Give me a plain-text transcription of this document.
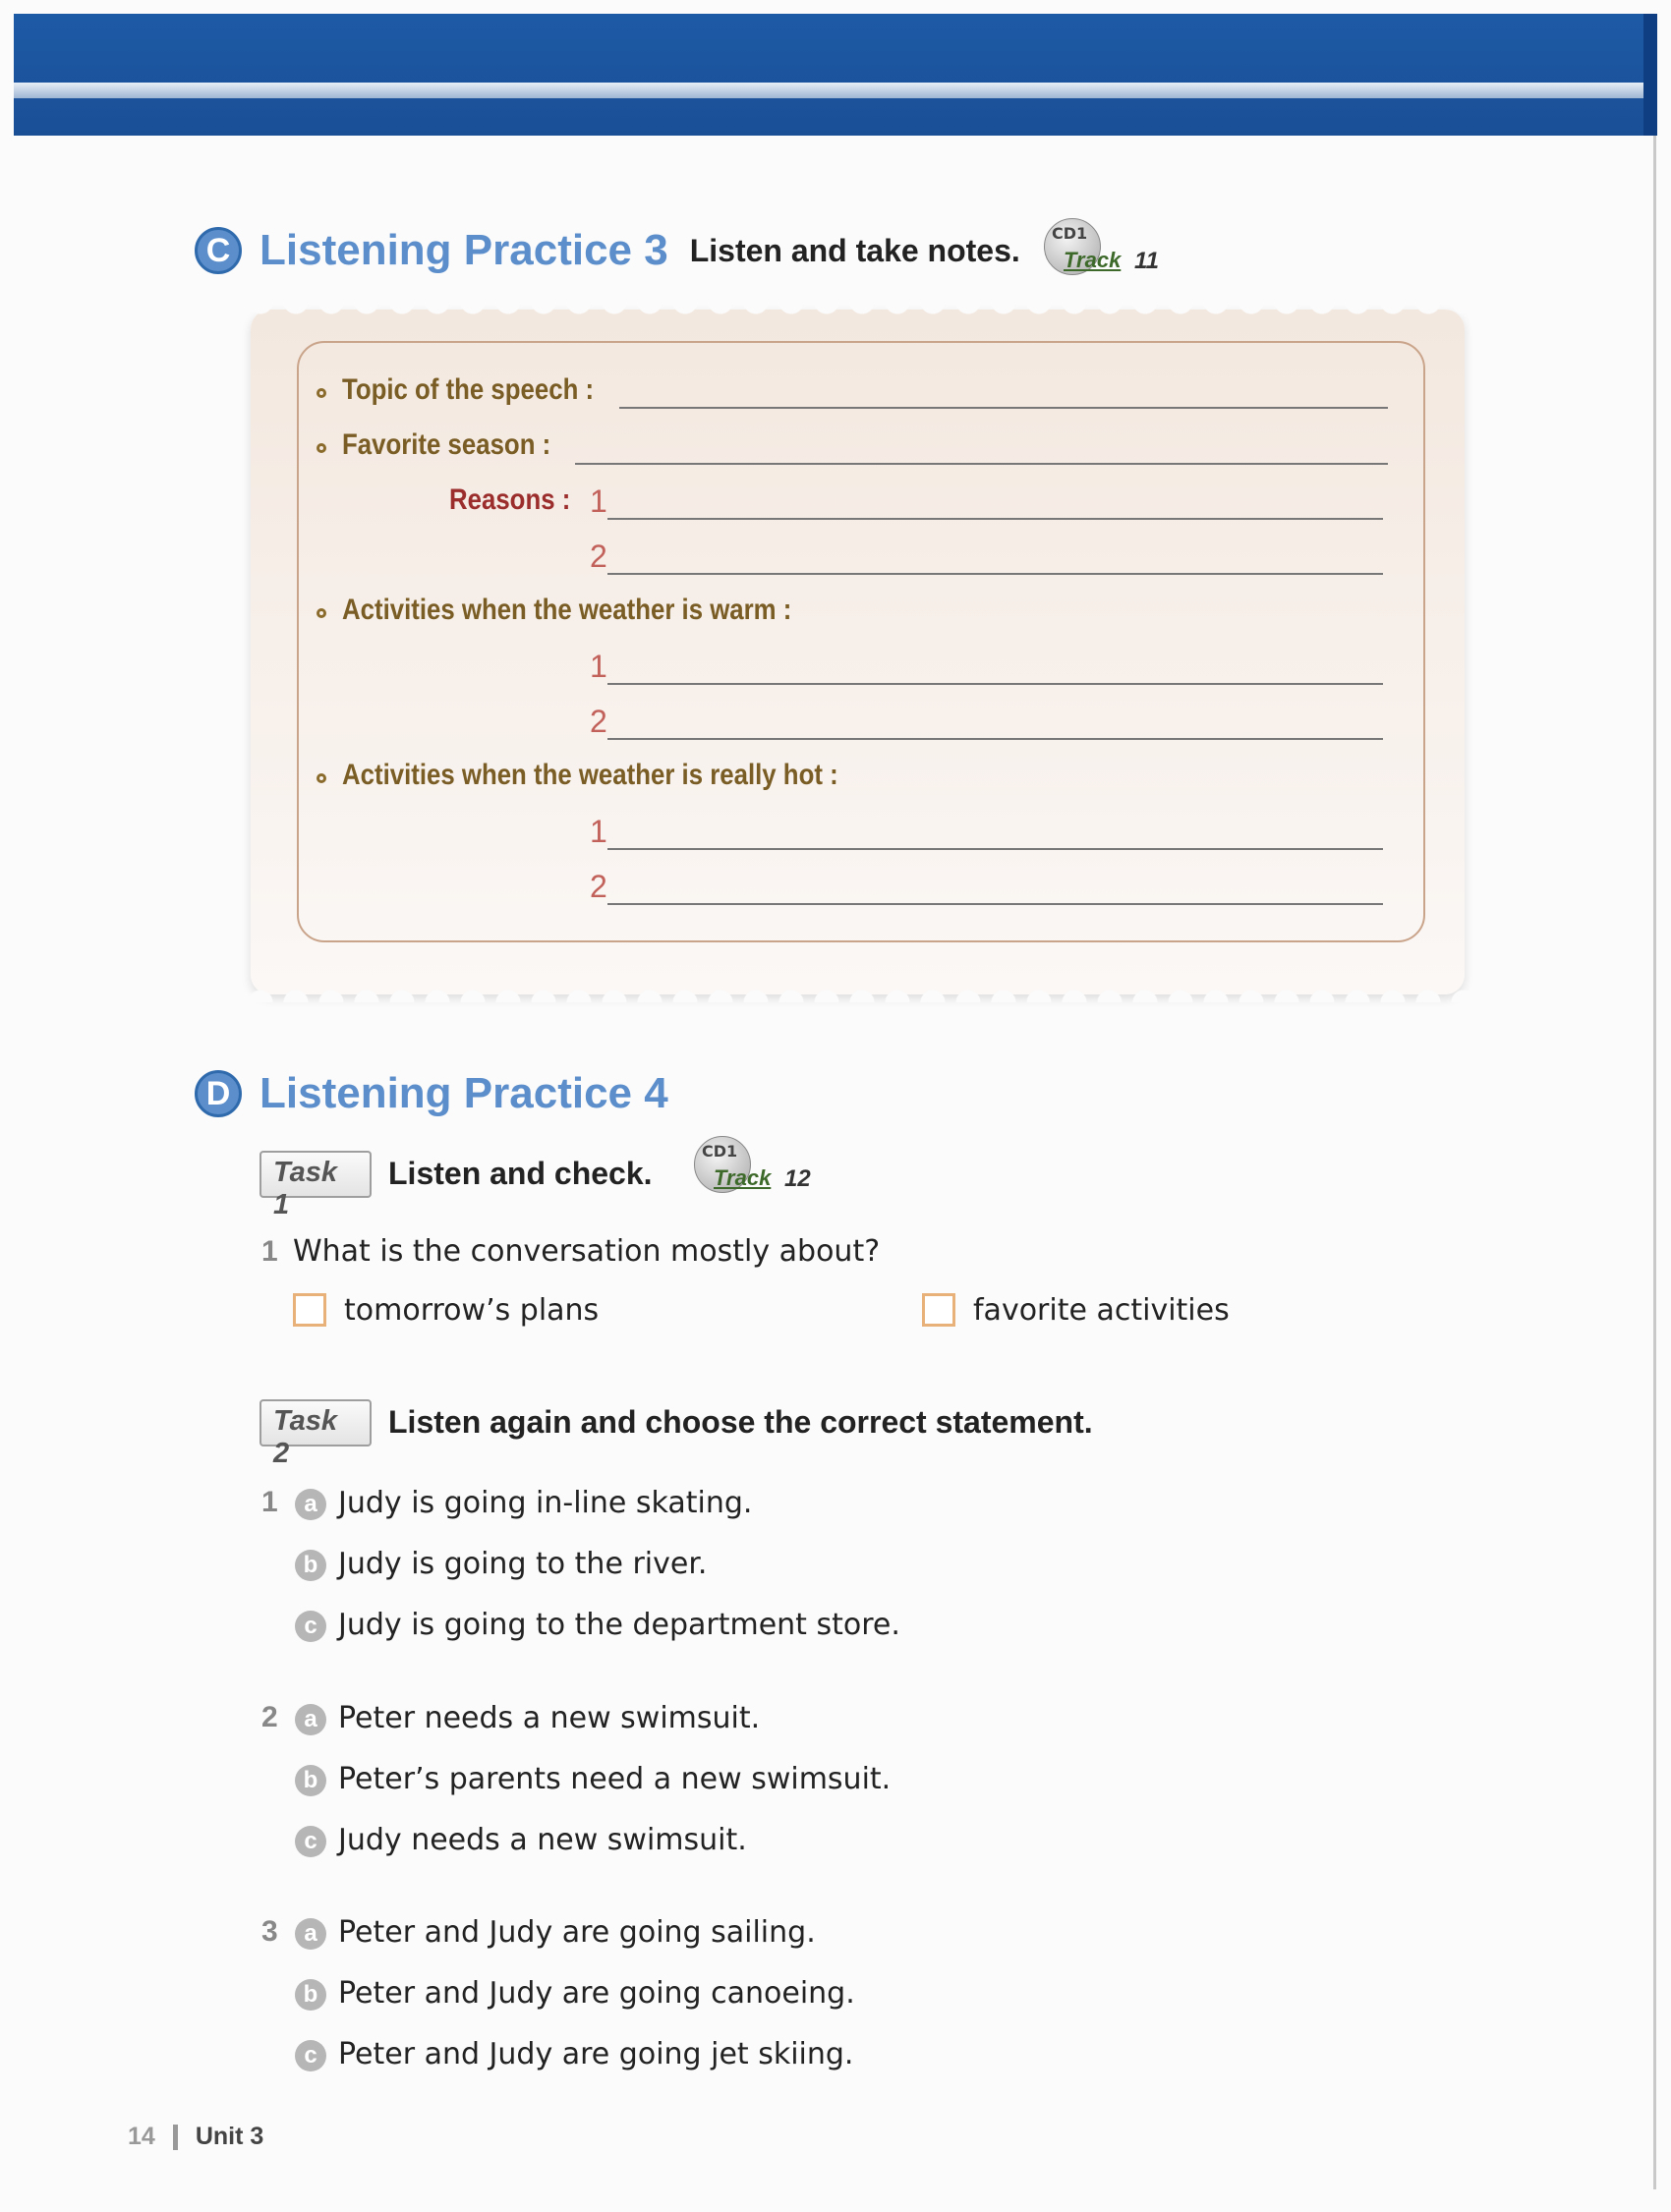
C Listening Practice 3 Listen and take notes. CD1
Track 11
Topic of the speech :
Favorite season :
Reasons : 1
2
Activities when the weather is warm :
1
2
Activities when the weather is really hot :
1
2
D Listening Practice 4
Task 1
Listen and check.
CD1
Track 12
1 What is the conversation mostly about?
tomorrow’s plans	favorite activities
Task 2
Listen again and choose the correct statement.
1	a Judy is going in-line skating.
b Judy is going to the river.
c Judy is going to the department store.
2	a Peter needs a new swimsuit.
b Peter’s parents need a new swimsuit.
c Judy needs a new swimsuit.
3	a Peter and Judy are going sailing.
b Peter and Judy are going canoeing.
c Peter and Judy are going jet skiing.
14 Unit 3
